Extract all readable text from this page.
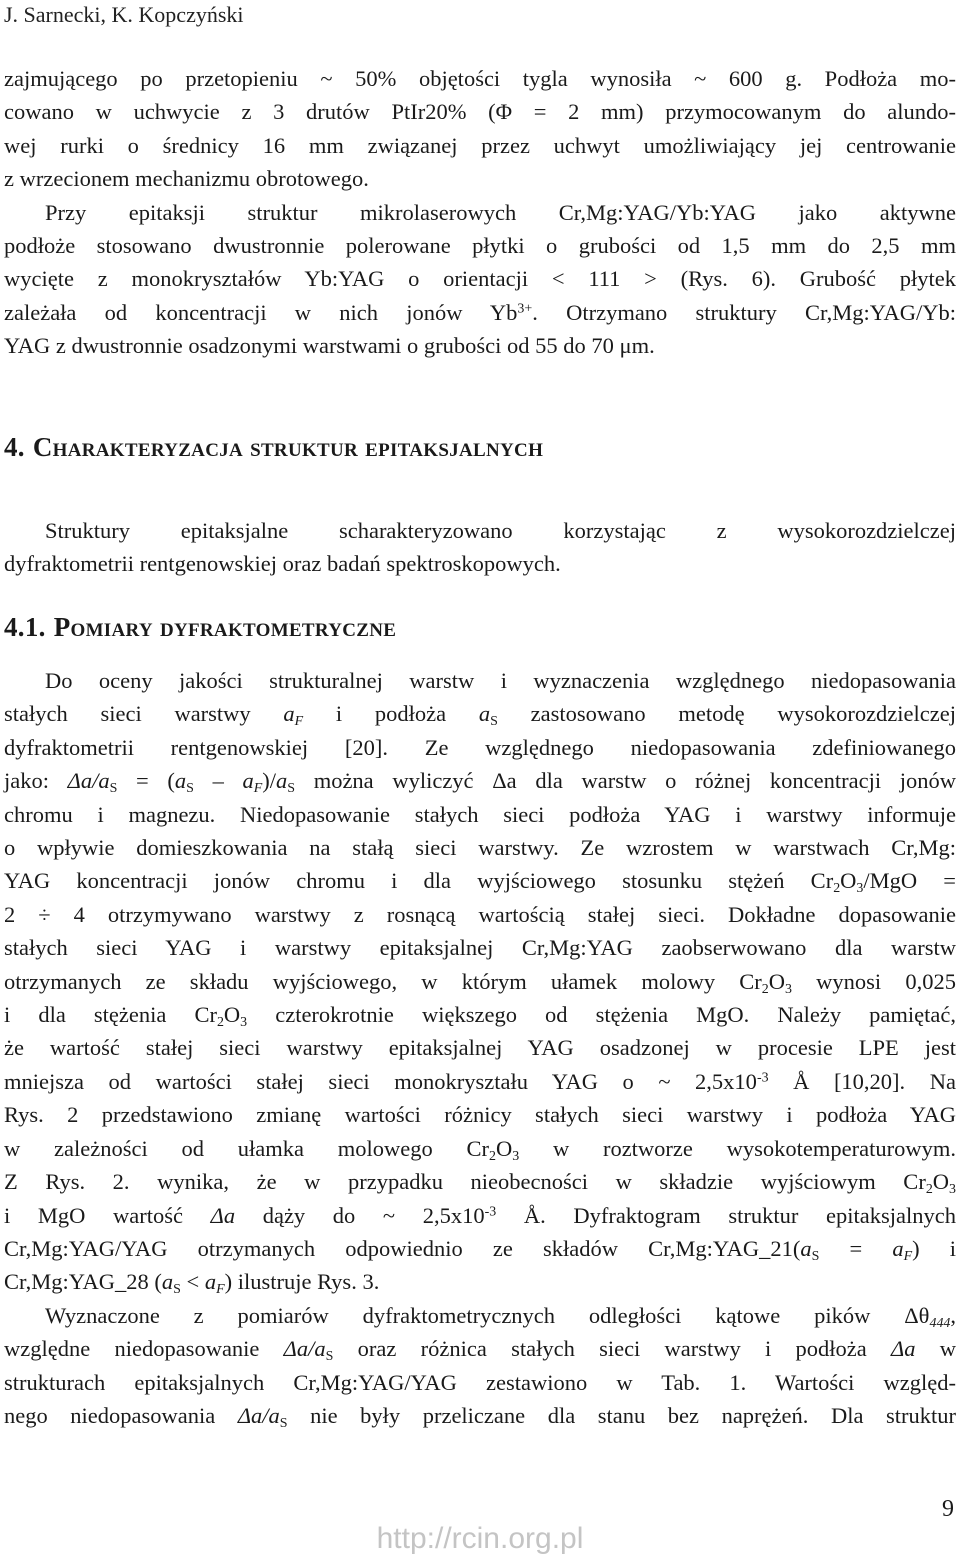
J. Sarnecki, K. Kopczyński

zajmującego po przetopieniu ~ 50% objętości tygla wynosiła ~ 600 g. Podłoża mo-
cowano w uchwycie z 3 drutów PtIr20% (Φ = 2 mm) przymocowanym do alundo-
wej rurki o średnicy 16 mm związanej przez uchwyt umożliwiający jej centrowanie
z wrzecionem mechanizmu obrotowego.

Przy epitaksji struktur mikrolaserowych Cr,Mg:YAG/Yb:YAG jako aktywne
podłoże stosowano dwustronnie polerowane płytki o grubości od 1,5 mm do 2,5 mm
wycięte z monokryształów Yb:YAG o orientacji < 111 > (Rys. 6). Grubość płytek
zależała od koncentracji w nich jonów $Yb^{3+}$. Otrzymano struktury Cr,Mg:YAG/Yb:
YAG z dwustronnie osadzonymi warstwami o grubości od 55 do 70 μm.

4. Charakteryzacja struktur epitaksjalnych

Struktury epitaksjalne scharakteryzowano korzystając z wysokorozdzielczej
dyfraktometrii rentgenowskiej oraz badań spektroskopowych.

4.1. Pomiary dyfraktometryczne

Do oceny jakości strukturalnej warstw i wyznaczenia względnego niedopasowania
stałych sieci warstwy $a_F$ i podłoża $a_S$ zastosowano metodę wysokorozdzielczej
dyfraktometrii rentgenowskiej [20]. Ze względnego niedopasowania zdefiniowanego
jako: $\Delta a/a_S = (a_S - a_F)/a_S$ można wyliczyć Δa dla warstw o różnej koncentracji jonów
chromu i magnezu. Niedopasowanie stałych sieci podłoża YAG i warstwy informuje
o wpływie domieszkowania na stałą sieci warstwy. Ze wzrostem w warstwach Cr,Mg:
YAG koncentracji jonów chromu i dla wyjściowego stosunku stężeń $Cr_2O_3$/MgO =
2 ÷ 4 otrzymywano warstwy z rosnącą wartością stałej sieci. Dokładne dopasowanie
stałych sieci YAG i warstwy epitaksjalnej Cr,Mg:YAG zaobserwowano dla warstw
otrzymanych ze składu wyjściowego, w którym ułamek molowy $Cr_2O_3$ wynosi 0,025
i dla stężenia $Cr_2O_3$ czterokrotnie większego od stężenia MgO. Należy pamiętać,
że wartość stałej sieci warstwy epitaksjalnej YAG osadzonej w procesie LPE jest
mniejsza od wartości stałej sieci monokryształu YAG o ~ $2,5x10^{-3}$ Å [10,20]. Na
Rys. 2 przedstawiono zmianę wartości różnicy stałych sieci warstwy i podłoża YAG
w zależności od ułamka molowego $Cr_2O_3$ w roztworze wysokotemperaturowym.
Z Rys. 2. wynika, że w przypadku nieobecności w składzie wyjściowym $Cr_2O_3$
i MgO wartość Δa dąży do ~ $2,5x10^{-3}$ Å. Dyfraktogram struktur epitaksjalnych
Cr,Mg:YAG/YAG otrzymanych odpowiednio ze składów $Cr,Mg:YAG\_21(a_S = a_F)$ i
Cr,Mg:YAG_28 $(a_S < a_F)$ ilustruje Rys. 3.

Wyznaczone z pomiarów dyfraktometrycznych odległości kątowe pików $\Delta\theta_{444}$,
względne niedopasowanie $\Delta a/a_S$ oraz różnica stałych sieci warstwy i podłoża Δa w
strukturach epitaksjalnych Cr,Mg:YAG/YAG zestawiono w Tab. 1. Wartości względ-
nego niedopasowania $\Delta a/a_S$ nie były przeliczane dla stanu bez naprężeń. Dla struktur

9
http://rcin.org.pl
